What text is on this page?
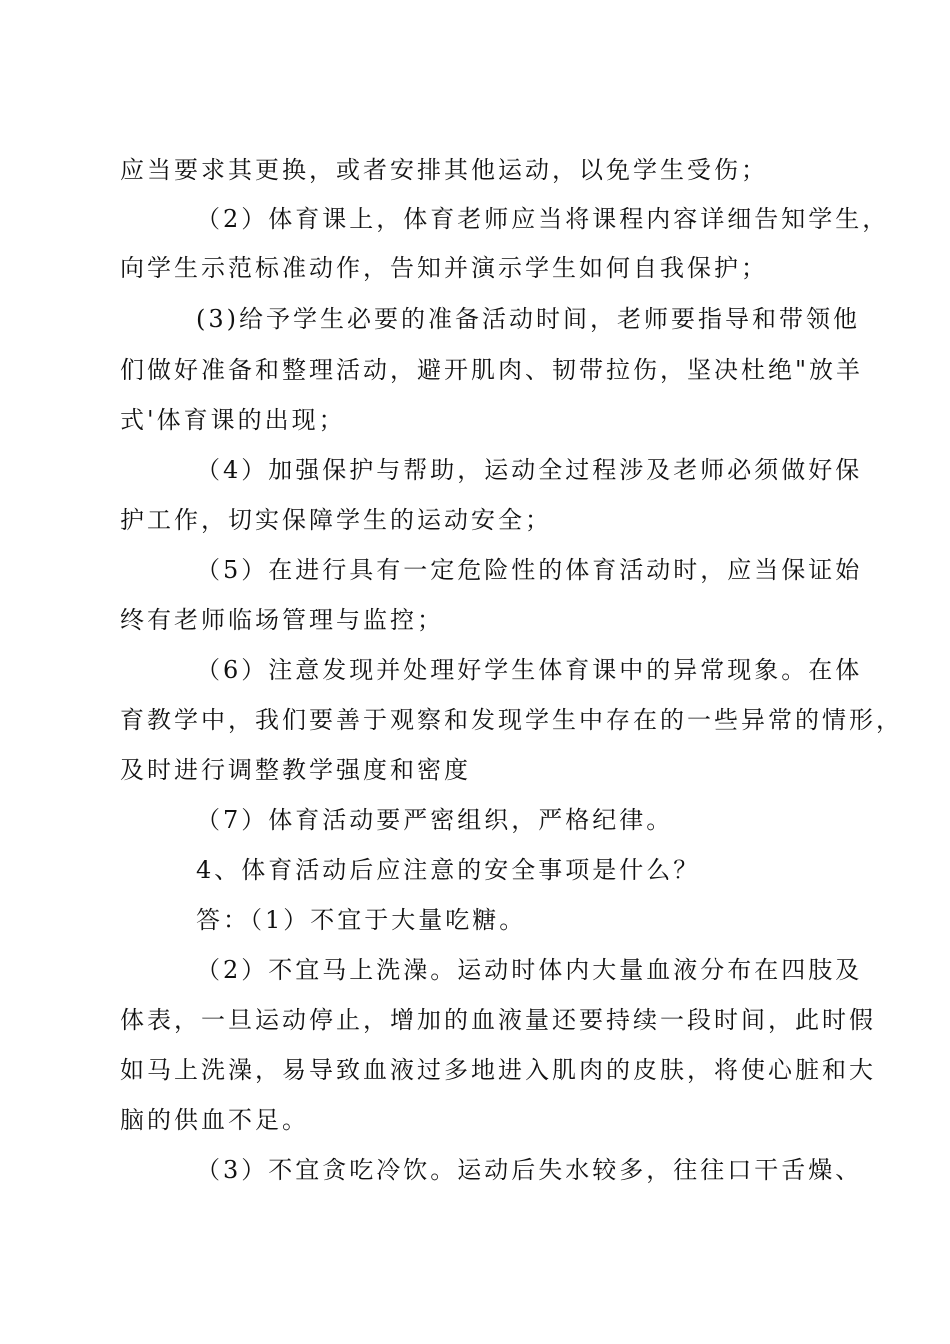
应当要求其更换，或者安排其他运动，以免学生受伤；
（2）体育课上，体育老师应当将课程内容详细告知学生，
向学生示范标准动作，告知并演示学生如何自我保护；
(3)给予学生必要的准备活动时间，老师要指导和带领他
们做好准备和整理活动，避开肌肉、韧带拉伤，坚决杜绝"放羊
式'体育课的出现；
（4）加强保护与帮助，运动全过程涉及老师必须做好保
护工作，切实保障学生的运动安全；
（5）在进行具有一定危险性的体育活动时，应当保证始
终有老师临场管理与监控；
（6）注意发现并处理好学生体育课中的异常现象。在体
育教学中，我们要善于观察和发现学生中存在的一些异常的情形，
及时进行调整教学强度和密度
（7）体育活动要严密组织，严格纪律。
4、体育活动后应注意的安全事项是什么？
答：（1）不宜于大量吃糖。
（2）不宜马上洗澡。运动时体内大量血液分布在四肢及
体表，一旦运动停止，增加的血液量还要持续一段时间，此时假
如马上洗澡，易导致血液过多地进入肌肉的皮肤，将使心脏和大
脑的供血不足。
（3）不宜贪吃冷饮。运动后失水较多，往往口干舌燥、
